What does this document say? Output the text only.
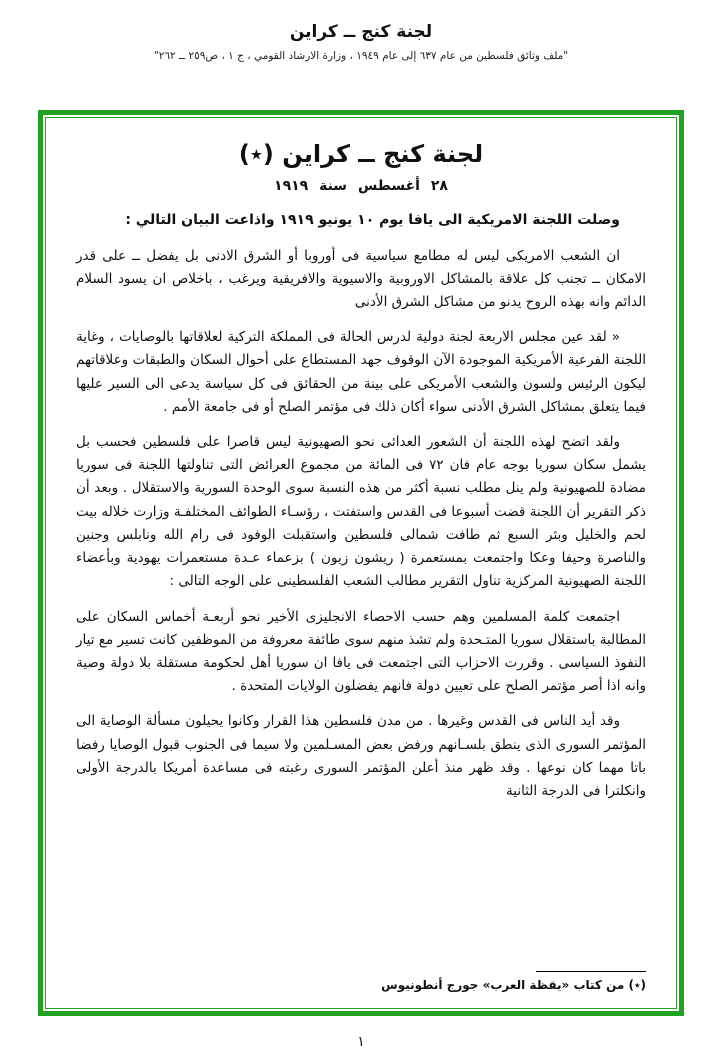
لجنة كنج ــ كراين
"ملف وثائق فلسطين من عام ٦٣٧ إلى عام ١٩٤٩ ، وزارة الارشاد القومي ، ج ١ ، ص٢٥٩ ــ ٢٦٢"
لجنة كنج ــ كراين (٭)
٢٨ أغسطس سنة ١٩١٩

وصلت اللجنة الامريكية الى يافا يوم ١٠ يونيو ١٩١٩ واذاعت البيان التالي :

ان الشعب الامريكى ليس له مطامع سياسية فى أوروبا أو الشرق الادنى بل يفضل ــ على قدر الامكان ــ تجنب كل علاقة بالمشاكل الاوروبية والاسيوية والافريقية ويرغب ، باخلاص ان يسود السلام الدائم وانه بهذه الروح يدنو من مشاكل الشرق الأدنى

« لقد عين مجلس الاربعة لجنة دولية لدرس الحالة فى المملكة التركية لعلاقاتها بالوصايات ، وغاية اللجنة الفرعية الأمريكية الموجودة الآن الوقوف جهد المستطاع على أحوال السكان والطبقات وعلاقاتهم ليكون الرئيس ولسون والشعب الأمريكى على بينة من الحقائق فى كل سياسة يدعى الى السير عليها فيما يتعلق بمشاكل الشرق الأدنى سواء أكان ذلك فى مؤتمر الصلح أو فى جامعة الأمم .

ولقد اتضح لهذه اللجنة أن الشعور العدائى نحو الصهيونية ليس قاصرا على فلسطين فحسب بل يشمل سكان سوريا بوجه عام فان ٧٢ فى المائة من مجموع العرائض التى تناولتها اللجنة فى سوريا مضادة للصهيونية ولم ينل مطلب نسبة أكثر من هذه النسبة سوى الوحدة السورية والاستقلال . وبعد أن ذكر التقرير أن اللجنة قضت أسبوعا فى القدس واستفتت ، رؤسـاء الطوائف المختلفـة وزارت خلاله بيت لحم والخليل وبئر السبع ثم طافت شمالى فلسطين واستقبلت الوفود فى رام الله ونابلس وجنين والناصرة وحيفا وعكا واجتمعت بمستعمرة ( ريشون زيون ) بزعماء عـدة مستعمرات يهودية وبأعضاء اللجنة الصهيونية المركزية تناول التقرير مطالب الشعب الفلسطينى على الوجه التالى :

اجتمعت كلمة المسلمين وهم حسب الاحصاء الانجليزى الأخير نحو أربعـة أخماس السكان على المطالبة باستقلال سوريا المتـحدة ولم تشذ منهم سوى طائفة معروفة من الموظفين كانت تسير مع تيار النفوذ السياسى . وقررت الاحزاب التى اجتمعت فى يافا ان سوريا أهل لحكومة مستقلة بلا دولة وصية وانه اذا أصر مؤتمر الصلح على تعيين دولة فانهم يفضلون الولايات المتحدة .

وقد أيد الناس فى القدس وغيرها . من مدن فلسطين هذا القرار وكانوا يحيلون مسألة الوصاية الى المؤتمر السورى الذى ينطق بلسـانهم ورفض بعض المسـلمين ولا سيما فى الجنوب قبول الوصايا رفضا باتا مهما كان نوعها . وقد ظهر منذ أعلن المؤتمر السورى رغبته فى مساعدة أمريكا بالدرجة الأولى وانكلترا فى الدرجة الثانية

(٭) من كتاب «يقظة العرب» جورج أنطونيوس
١
